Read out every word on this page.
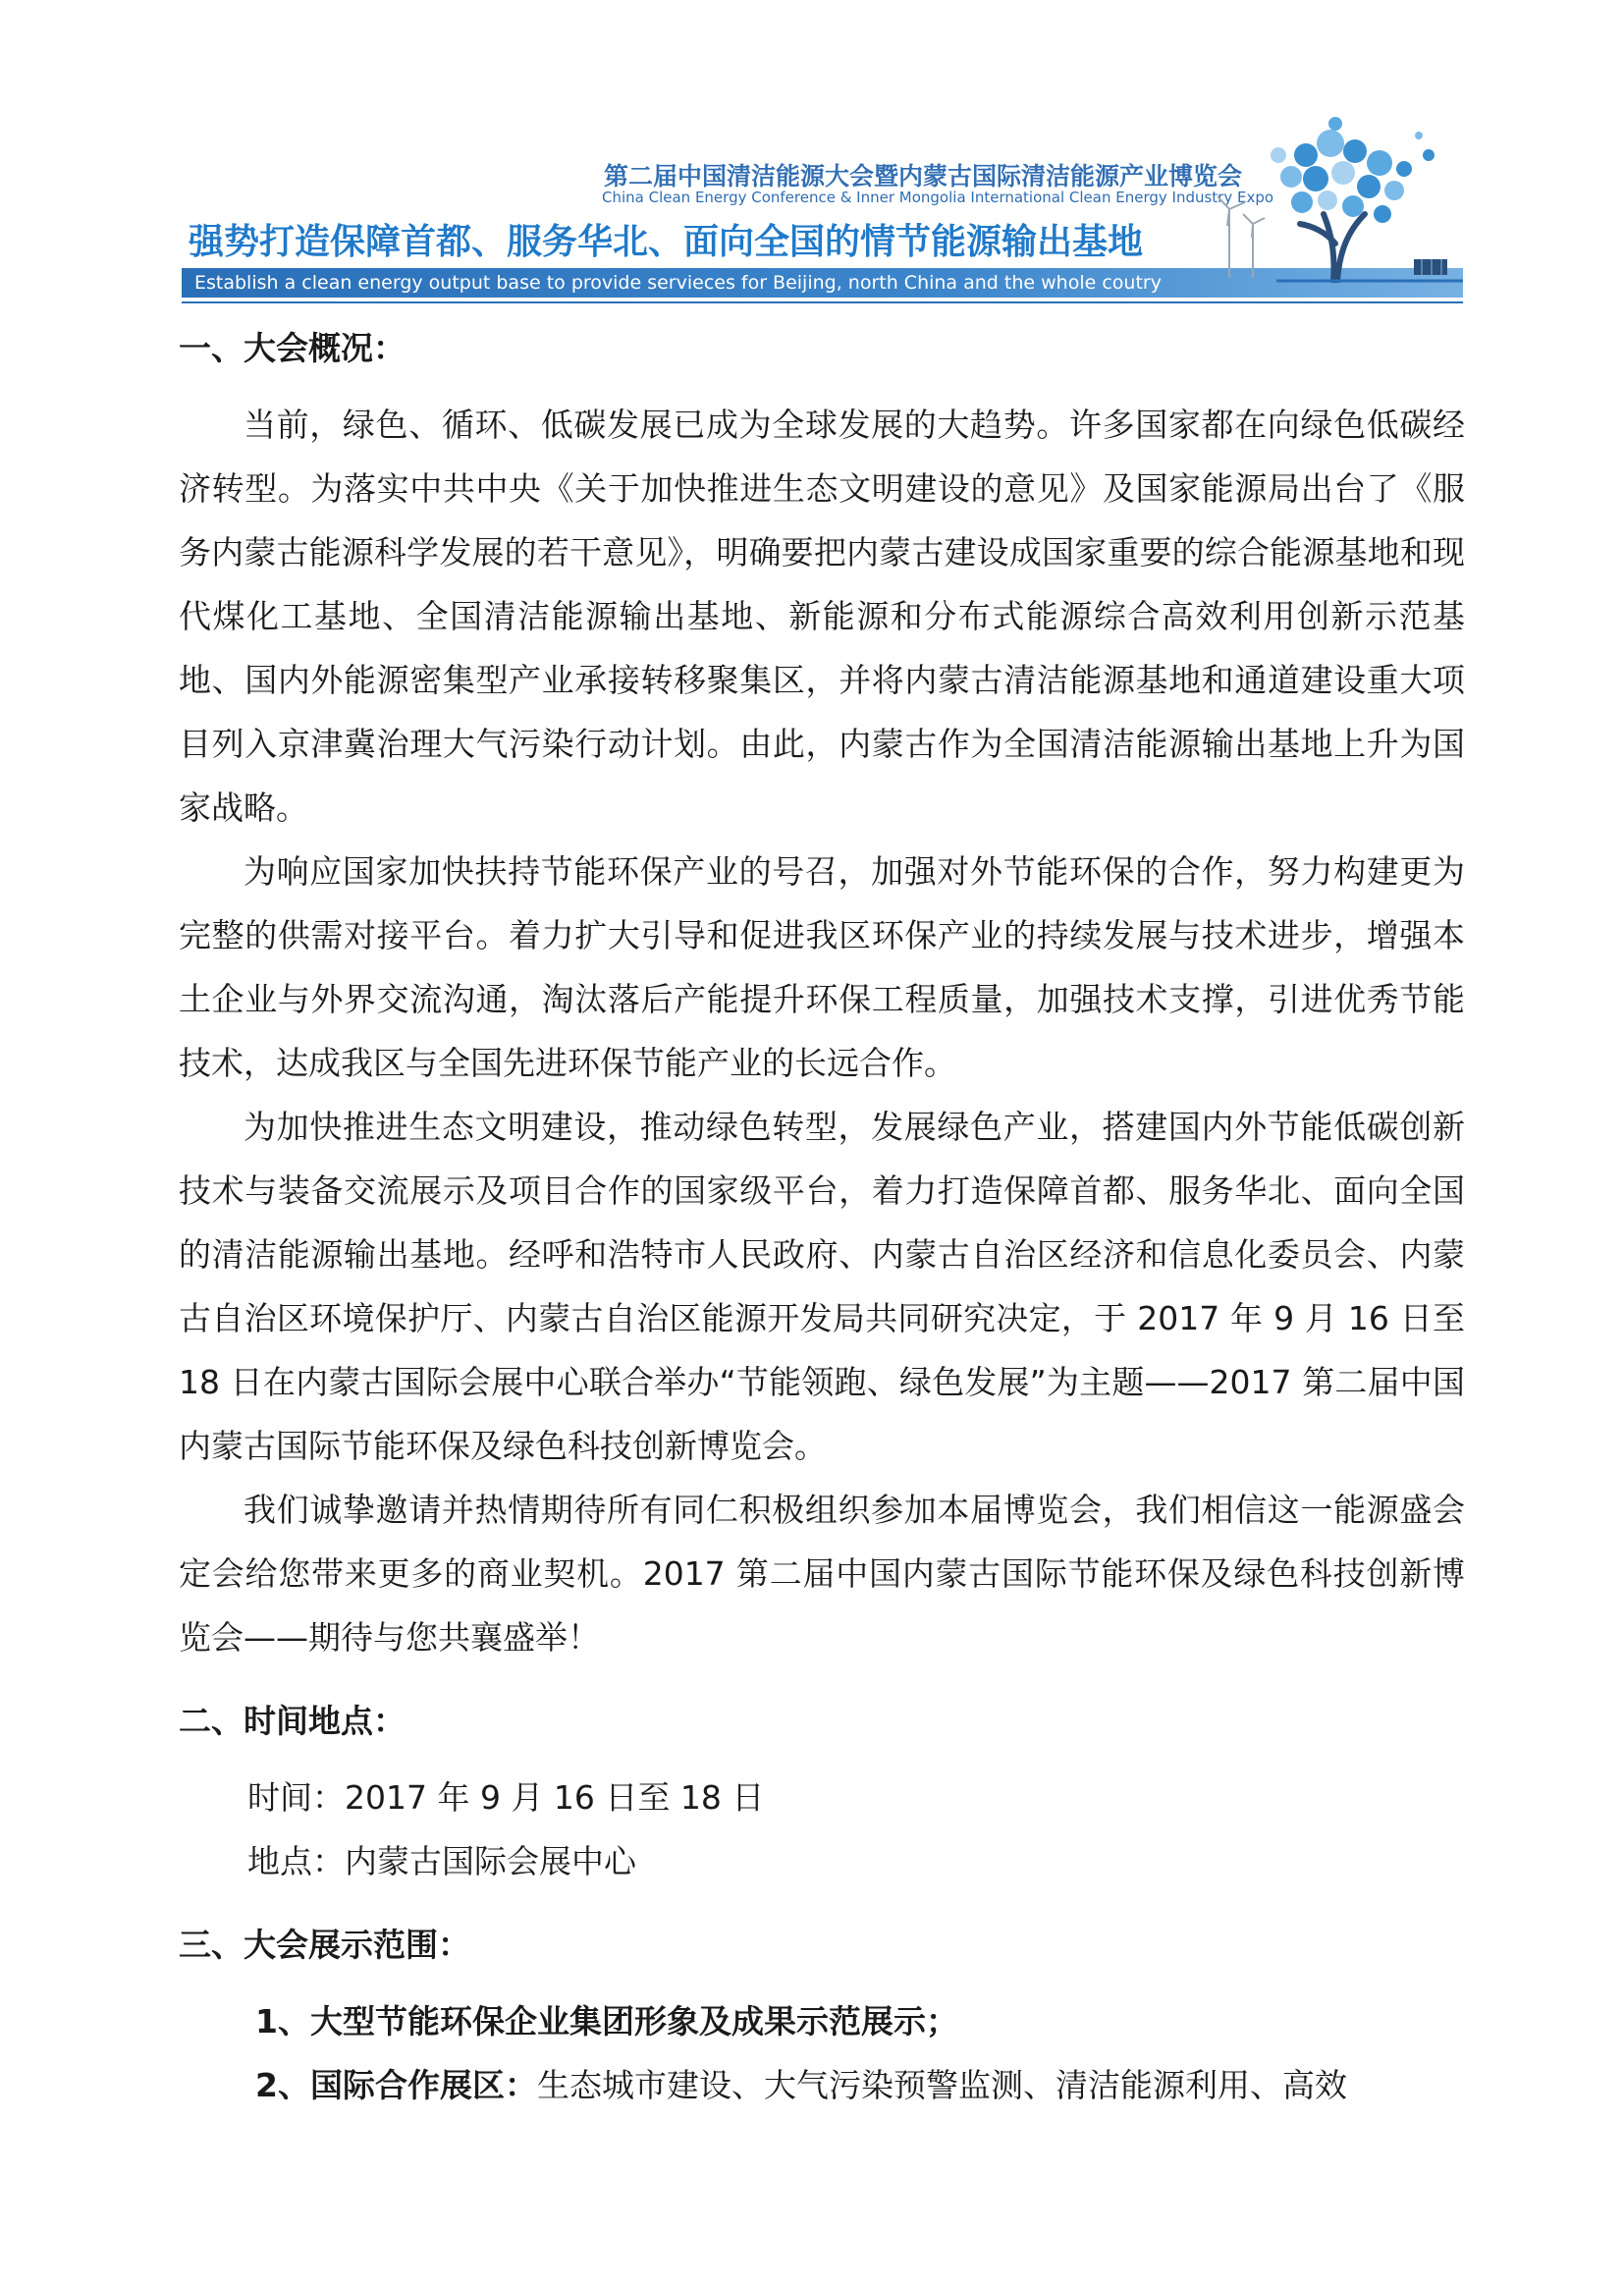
第二届中国清洁能源大会暨内蒙古国际清洁能源产业博览会
China Clean Energy Conference & Inner Mongolia International Clean Energy Industry Expo
强势打造保障首都、服务华北、面向全国的情节能源输出基地
Establish a clean energy output base to provide servieces for Beijing, north China and the whole coutry
一、大会概况：

当前，绿色、循环、低碳发展已成为全球发展的大趋势。许多国家都在向绿色低碳经济转型。为落实中共中央《关于加快推进生态文明建设的意见》及国家能源局出台了《服务内蒙古能源科学发展的若干意见》，明确要把内蒙古建设成国家重要的综合能源基地和现代煤化工基地、全国清洁能源输出基地、新能源和分布式能源综合高效利用创新示范基地、国内外能源密集型产业承接转移聚集区，并将内蒙古清洁能源基地和通道建设重大项目列入京津冀治理大气污染行动计划。由此，内蒙古作为全国清洁能源输出基地上升为国家战略。

为响应国家加快扶持节能环保产业的号召，加强对外节能环保的合作，努力构建更为完整的供需对接平台。着力扩大引导和促进我区环保产业的持续发展与技术进步，增强本土企业与外界交流沟通，淘汰落后产能提升环保工程质量，加强技术支撑，引进优秀节能技术，达成我区与全国先进环保节能产业的长远合作。

为加快推进生态文明建设，推动绿色转型，发展绿色产业，搭建国内外节能低碳创新技术与装备交流展示及项目合作的国家级平台，着力打造保障首都、服务华北、面向全国的清洁能源输出基地。经呼和浩特市人民政府、内蒙古自治区经济和信息化委员会、内蒙古自治区环境保护厅、内蒙古自治区能源开发局共同研究决定，于 2017 年 9 月 16 日至 18 日在内蒙古国际会展中心联合举办“节能领跑、绿色发展”为主题——2017 第二届中国内蒙古国际节能环保及绿色科技创新博览会。

我们诚挚邀请并热情期待所有同仁积极组织参加本届博览会，我们相信这一能源盛会定会给您带来更多的商业契机。2017 第二届中国内蒙古国际节能环保及绿色科技创新博览会——期待与您共襄盛举！

二、时间地点：

时间：2017 年 9 月 16 日至 18 日

地点：内蒙古国际会展中心

三、大会展示范围：

1、大型节能环保企业集团形象及成果示范展示；

2、国际合作展区：生态城市建设、大气污染预警监测、清洁能源利用、高效
